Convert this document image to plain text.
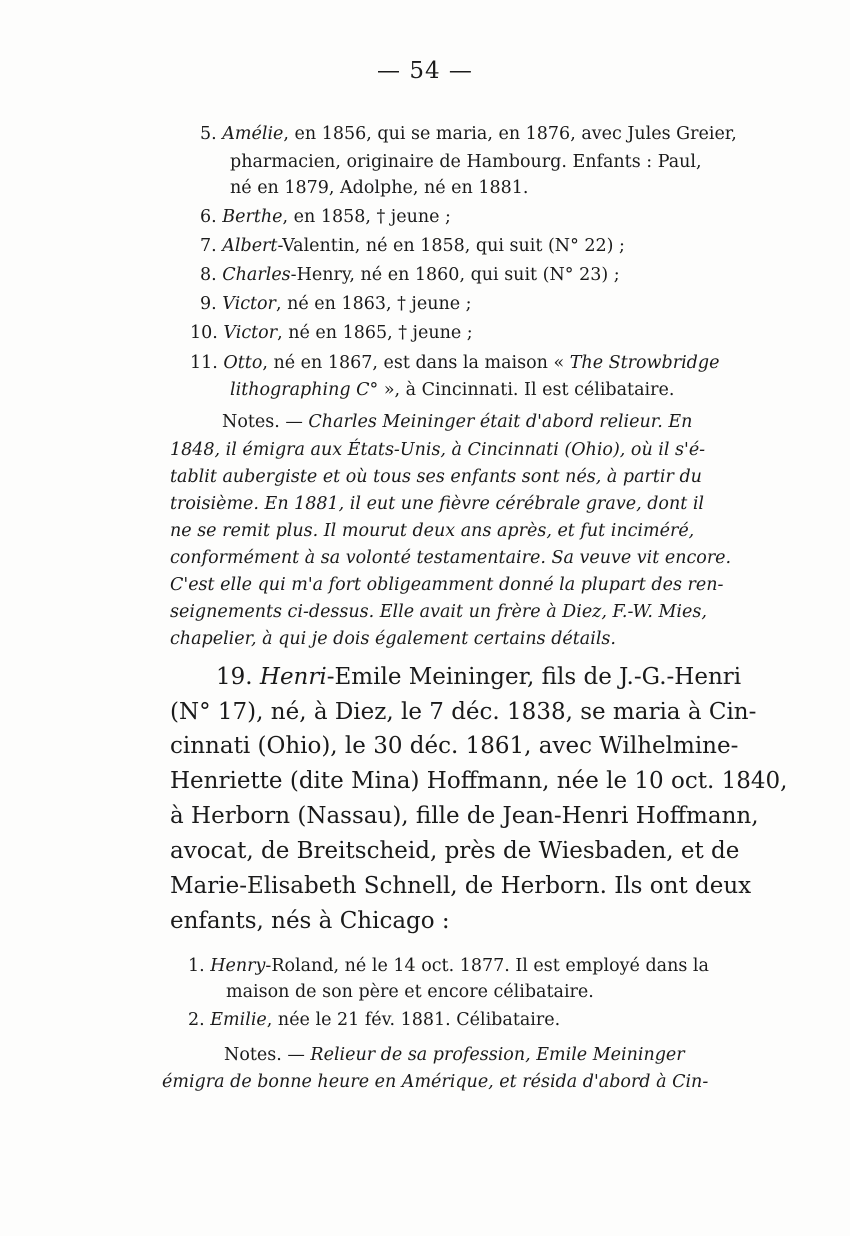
— 54 —
5. Amélie, en 1856, qui se maria, en 1876, avec Jules Greier,
pharmacien, originaire de Hambourg. Enfants : Paul,
né en 1879, Adolphe, né en 1881.
6. Berthe, en 1858, † jeune ;
7. Albert-Valentin, né en 1858, qui suit (N° 22) ;
8. Charles-Henry, né en 1860, qui suit (N° 23) ;
9. Victor, né en 1863, † jeune ;
10. Victor, né en 1865, † jeune ;
11. Otto, né en 1867, est dans la maison « The Strowbridge
lithographing C° », à Cincinnati. Il est célibataire.
Notes. — Charles Meininger était d'abord relieur. En
1848, il émigra aux États-Unis, à Cincinnati (Ohio), où il s'é-
tablit aubergiste et où tous ses enfants sont nés, à partir du
troisième. En 1881, il eut une fièvre cérébrale grave, dont il
ne se remit plus. Il mourut deux ans après, et fut inciméré,
conformément à sa volonté testamentaire. Sa veuve vit encore.
C'est elle qui m'a fort obligeamment donné la plupart des ren-
seignements ci-dessus. Elle avait un frère à Diez, F.-W. Mies,
chapelier, à qui je dois également certains détails.
19. Henri-Emile Meininger, fils de J.-G.-Henri
(N° 17), né, à Diez, le 7 déc. 1838, se maria à Cin-
cinnati (Ohio), le 30 déc. 1861, avec Wilhelmine-
Henriette (dite Mina) Hoffmann, née le 10 oct. 1840,
à Herborn (Nassau), fille de Jean-Henri Hoffmann,
avocat, de Breitscheid, près de Wiesbaden, et de
Marie-Elisabeth Schnell, de Herborn. Ils ont deux
enfants, nés à Chicago :
1. Henry-Roland, né le 14 oct. 1877. Il est employé dans la
maison de son père et encore célibataire.
2. Emilie, née le 21 fév. 1881. Célibataire.
Notes. — Relieur de sa profession, Emile Meininger
émigra de bonne heure en Amérique, et résida d'abord à Cin-
